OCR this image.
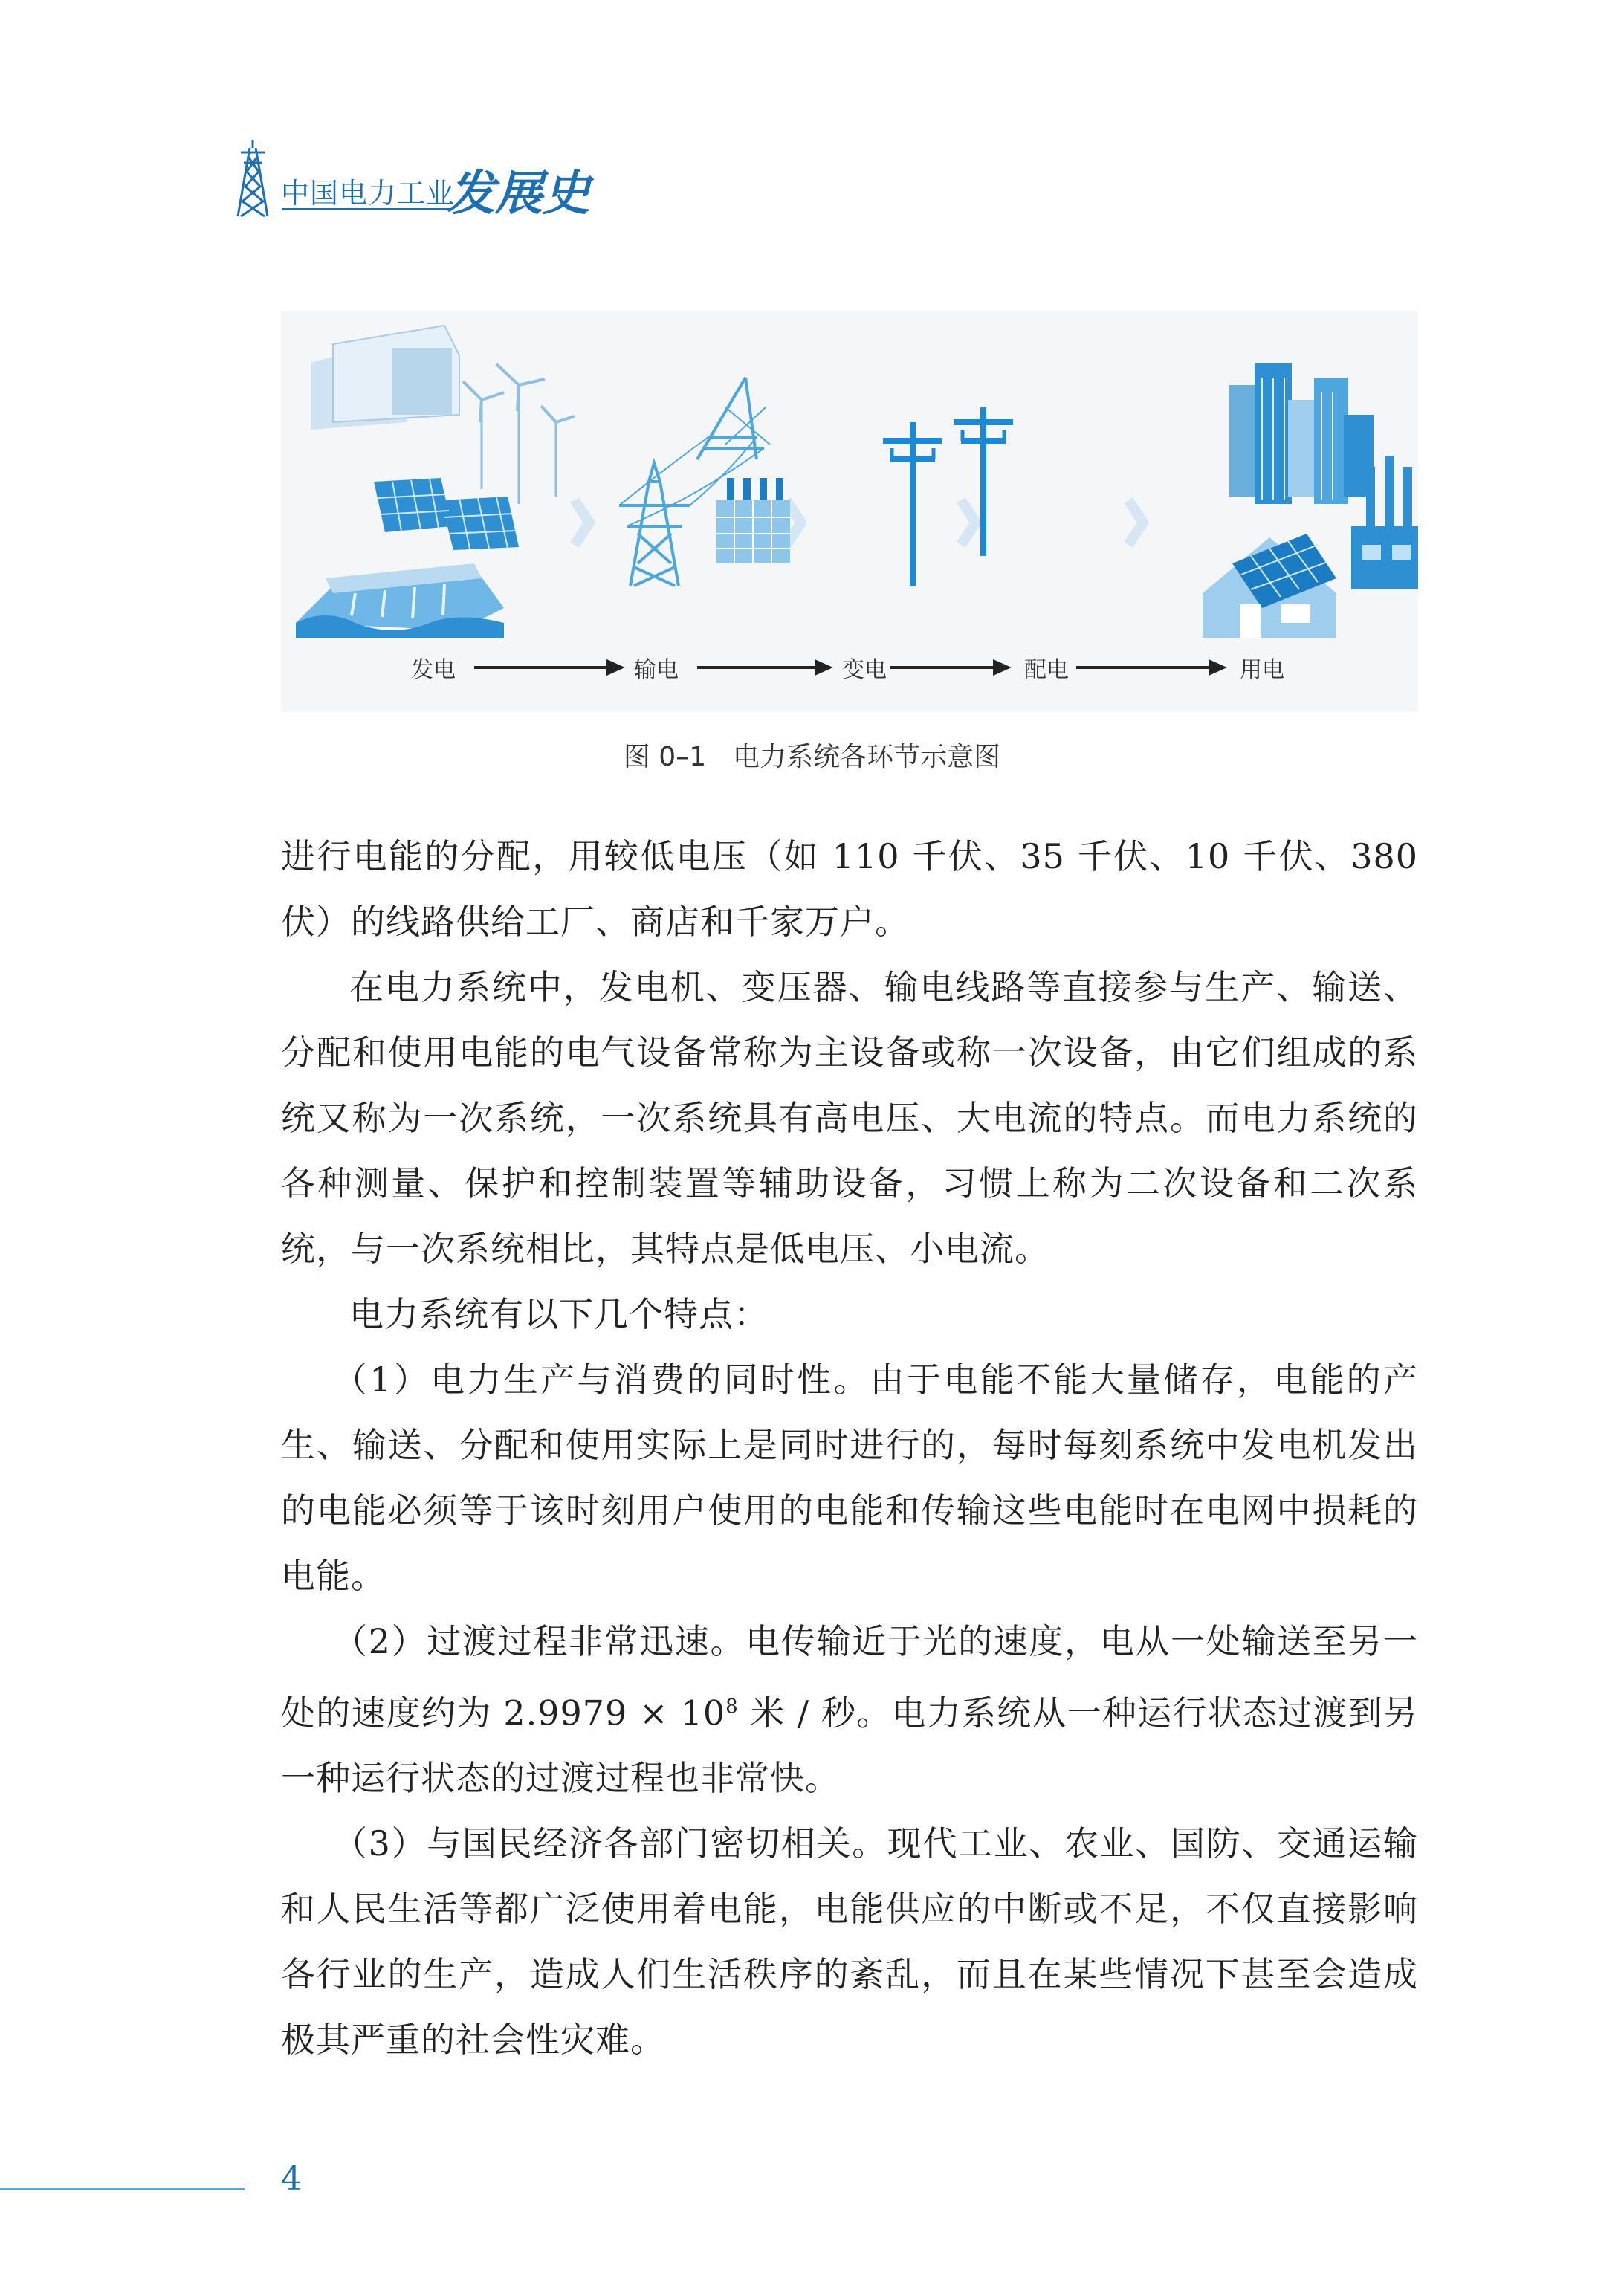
中国电力工业
发展史
发电	输电	变电	配电	用电
图 0–1　电力系统各环节示意图

进行电能的分配，用较低电压（如 110 千伏、35 千伏、10 千伏、380 伏）的线路供给工厂、商店和千家万户。

在电力系统中，发电机、变压器、输电线路等直接参与生产、输送、分配和使用电能的电气设备常称为主设备或称一次设备，由它们组成的系统又称为一次系统，一次系统具有高电压、大电流的特点。而电力系统的各种测量、保护和控制装置等辅助设备，习惯上称为二次设备和二次系统，与一次系统相比，其特点是低电压、小电流。

电力系统有以下几个特点：

（1）电力生产与消费的同时性。由于电能不能大量储存，电能的产生、输送、分配和使用实际上是同时进行的，每时每刻系统中发电机发出的电能必须等于该时刻用户使用的电能和传输这些电能时在电网中损耗的电能。

（2）过渡过程非常迅速。电传输近于光的速度，电从一处输送至另一处的速度约为 $2.9979 \times 10^8$ 米 / 秒。电力系统从一种运行状态过渡到另一种运行状态的过渡过程也非常快。

（3）与国民经济各部门密切相关。现代工业、农业、国防、交通运输和人民生活等都广泛使用着电能，电能供应的中断或不足，不仅直接影响各行业的生产，造成人们生活秩序的紊乱，而且在某些情况下甚至会造成极其严重的社会性灾难。

4
